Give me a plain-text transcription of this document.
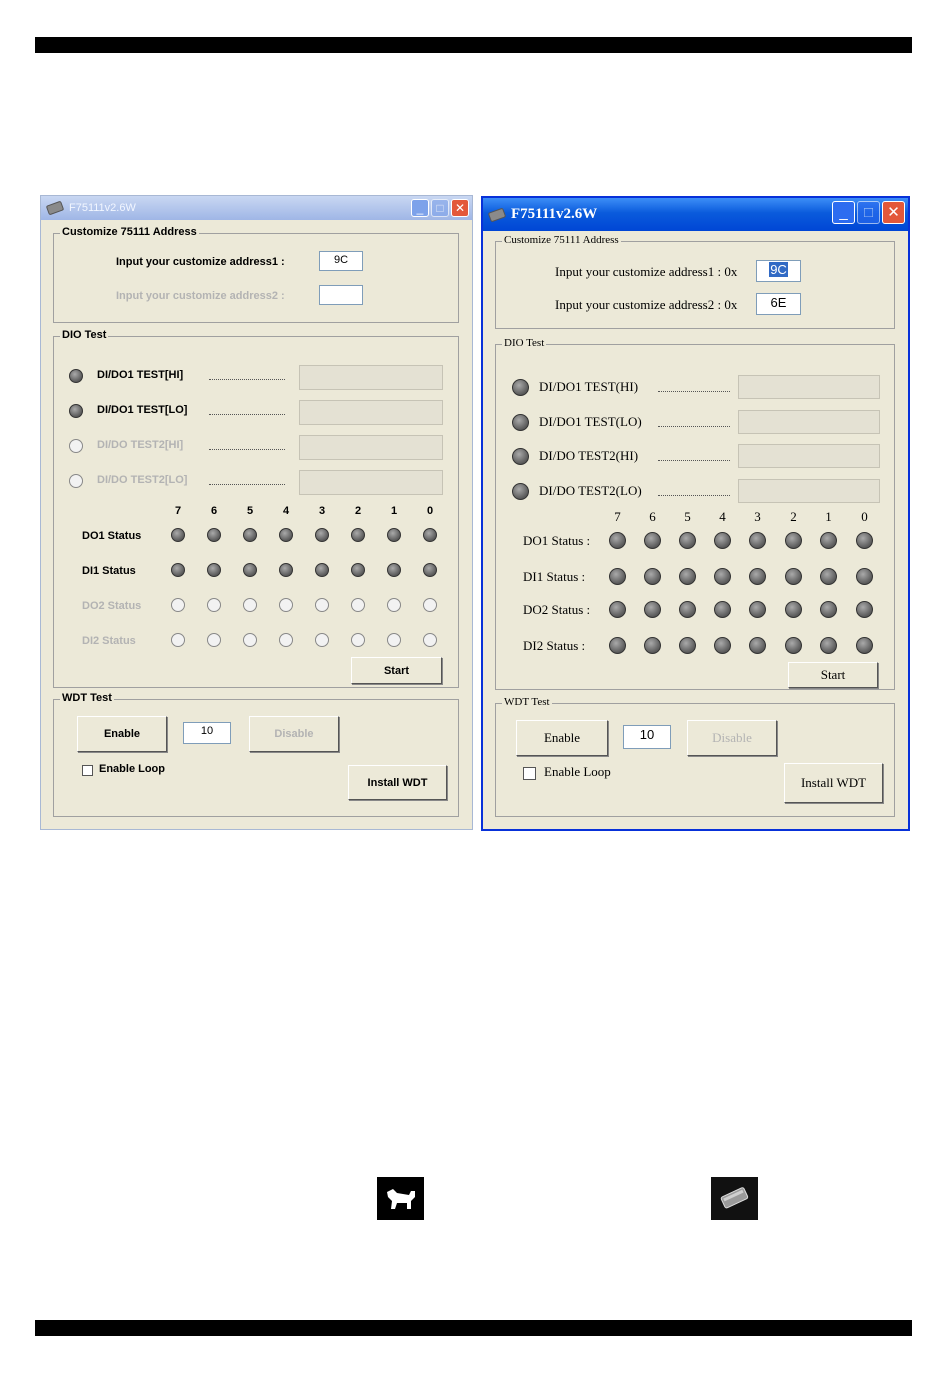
F75111v2.6W	_	□ ✕
Customize 75111 Address
Input your customize address1 :	9C
Input your customize address2 :
DIO Test
Start
WDT Test
Enable	10	Disable
Enable Loop
Install WDT
DI/DO1 TEST[HI]
DI/DO1 TEST[LO]
DI/DO TEST2[HI]
DI/DO TEST2[LO]
7	6	5	4	3	2	1	0
DO1 Status
DI1 Status
DO2 Status
DI2 Status
F75111v2.6W	_	□ ✕
Customize 75111 Address
Input your customize address1 : 0x	9C
Input your customize address2 : 0x	6E
DIO Test
Start
WDT Test
Enable	10	Disable
Enable Loop
Install WDT
DI/DO1 TEST(HI)
DI/DO1 TEST(LO)
DI/DO TEST2(HI)
DI/DO TEST2(LO)
7	6	5	4	3	2	1	0
DO1 Status :
DI1 Status :
DO2 Status :
DI2 Status :
